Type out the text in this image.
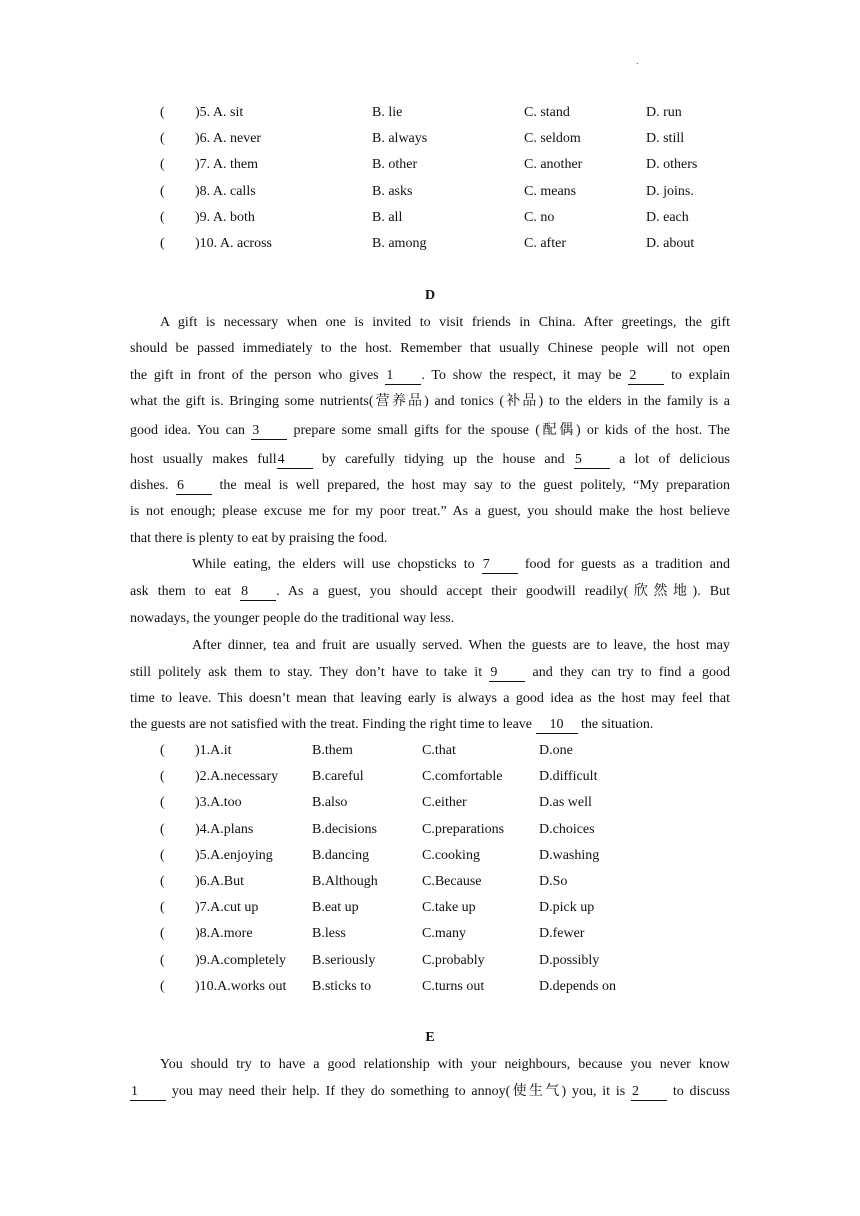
.
( )5. A. sit	B. lie	C. stand	D. run
( )6. A. never	B. always	C. seldom	D. still
( )7. A. them	B. other	C. another	D. others
( )8. A. calls	B. asks	C. means	D. joins.
( )9. A. both	B. all	C. no	D. each
( )10. A. across	B. among	C. after	D. about
D
A gift is necessary when one is invited to visit friends in China. After greetings, the gift
should be passed immediately to the host. Remember that usually Chinese people will not open
the gift in front of the person who gives 1 . To show the respect, it may be 2 to explain
what the gift is. Bringing some nutrients(营养品) and tonics (补品) to the elders in the family is a
good idea. You can 3 prepare some small gifts for the spouse (配偶) or kids of the host. The
host usually makes full4 by carefully tidying up the house and 5 a lot of delicious
dishes. 6 the meal is well prepared, the host may say to the guest politely, “My preparation
is not enough; please excuse me for my poor treat.” As a guest, you should make the host believe
that there is plenty to eat by praising the food.
While eating, the elders will use chopsticks to 7 food for guests as a tradition and
ask them to eat 8 . As a guest, you should accept their goodwill readily(欣然地). But
nowadays, the younger people do the traditional way less.
After dinner, tea and fruit are usually served. When the guests are to leave, the host may
still politely ask them to stay. They don’t have to take it 9 and they can try to find a good
time to leave. This doesn’t mean that leaving early is always a good idea as the host may feel that
the guests are not satisfied with the treat. Finding the right time to leave 10 the situation.
( )1.A.it	B.them	C.that	D.one
( )2.A.necessary B.careful	C.comfortable	D.difficult
( )3.A.too	B.also	C.either	D.as well
( )4.A.plans	B.decisions	C.preparations D.choices
( )5.A.enjoying	B.dancing	C.cooking	D.washing
( )6.A.But	B.Although	C.Because	D.So
( )7.A.cut up	B.eat up	C.take up	D.pick up
( )8.A.more	B.less	C.many	D.fewer
( )9.A.completely B.seriously	C.probably	D.possibly
( )10.A.works out B.sticks to	C.turns out	D.depends on
E
You should try to have a good relationship with your neighbours, because you never know
1 you may need their help. If they do something to annoy(使生气) you, it is 2 to discuss
